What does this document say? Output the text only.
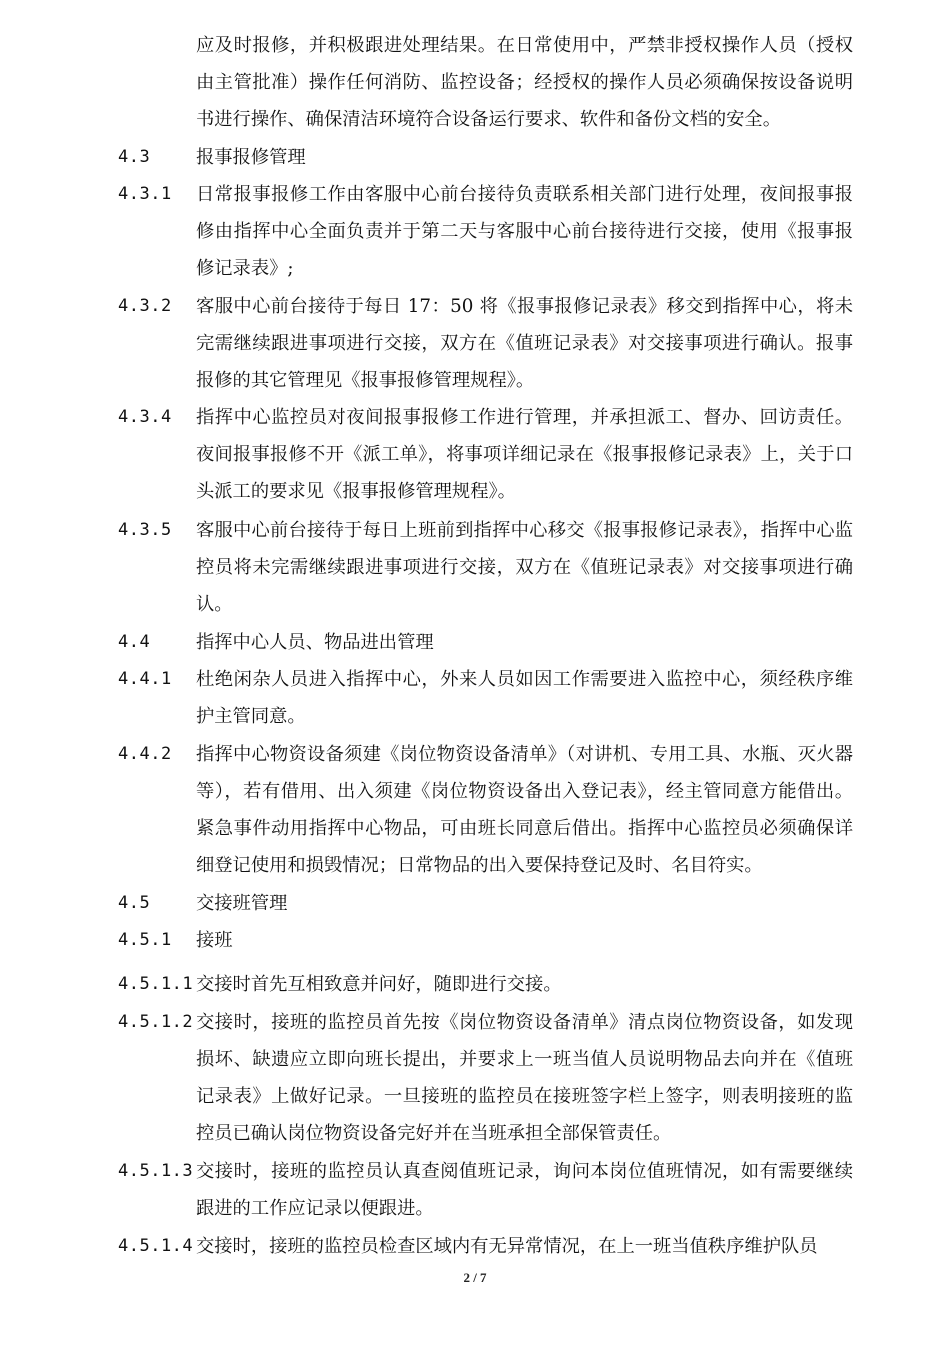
应及时报修，并积极跟进处理结果。在日常使用中，严禁非授权操作人员（授权由主管批准）操作任何消防、监控设备；经授权的操作人员必须确保按设备说明书进行操作、确保清洁环境符合设备运行要求、软件和备份文档的安全。
4.3	报事报修管理
4.3.1	日常报事报修工作由客服中心前台接待负责联系相关部门进行处理，夜间报事报修由指挥中心全面负责并于第二天与客服中心前台接待进行交接，使用《报事报修记录表》;
4.3.2	客服中心前台接待于每日 17：50 将《报事报修记录表》移交到指挥中心，将未完需继续跟进事项进行交接，双方在《值班记录表》对交接事项进行确认。报事报修的其它管理见《报事报修管理规程》。
4.3.4	指挥中心监控员对夜间报事报修工作进行管理，并承担派工、督办、回访责任。夜间报事报修不开《派工单》，将事项详细记录在《报事报修记录表》上，关于口头派工的要求见《报事报修管理规程》。
4.3.5	客服中心前台接待于每日上班前到指挥中心移交《报事报修记录表》，指挥中心监控员将未完需继续跟进事项进行交接，双方在《值班记录表》对交接事项进行确认。
4.4	指挥中心人员、物品进出管理
4.4.1	杜绝闲杂人员进入指挥中心，外来人员如因工作需要进入监控中心，须经秩序维护主管同意。
4.4.2	指挥中心物资设备须建《岗位物资设备清单》（对讲机、专用工具、水瓶、灭火器等），若有借用、出入须建《岗位物资设备出入登记表》，经主管同意方能借出。紧急事件动用指挥中心物品，可由班长同意后借出。指挥中心监控员必须确保详细登记使用和损毁情况；日常物品的出入要保持登记及时、名目符实。
4.5	交接班管理
4.5.1	接班
4.5.1.1 交接时首先互相致意并问好，随即进行交接。
4.5.1.2 交接时，接班的监控员首先按《岗位物资设备清单》清点岗位物资设备，如发现损坏、缺遗应立即向班长提出，并要求上一班当值人员说明物品去向并在《值班记录表》上做好记录。一旦接班的监控员在接班签字栏上签字，则表明接班的监控员已确认岗位物资设备完好并在当班承担全部保管责任。
4.5.1.3 交接时，接班的监控员认真查阅值班记录，询问本岗位值班情况，如有需要继续跟进的工作应记录以便跟进。
4.5.1.4 交接时，接班的监控员检查区域内有无异常情况，在上一班当值秩序维护队员
2 / 7
